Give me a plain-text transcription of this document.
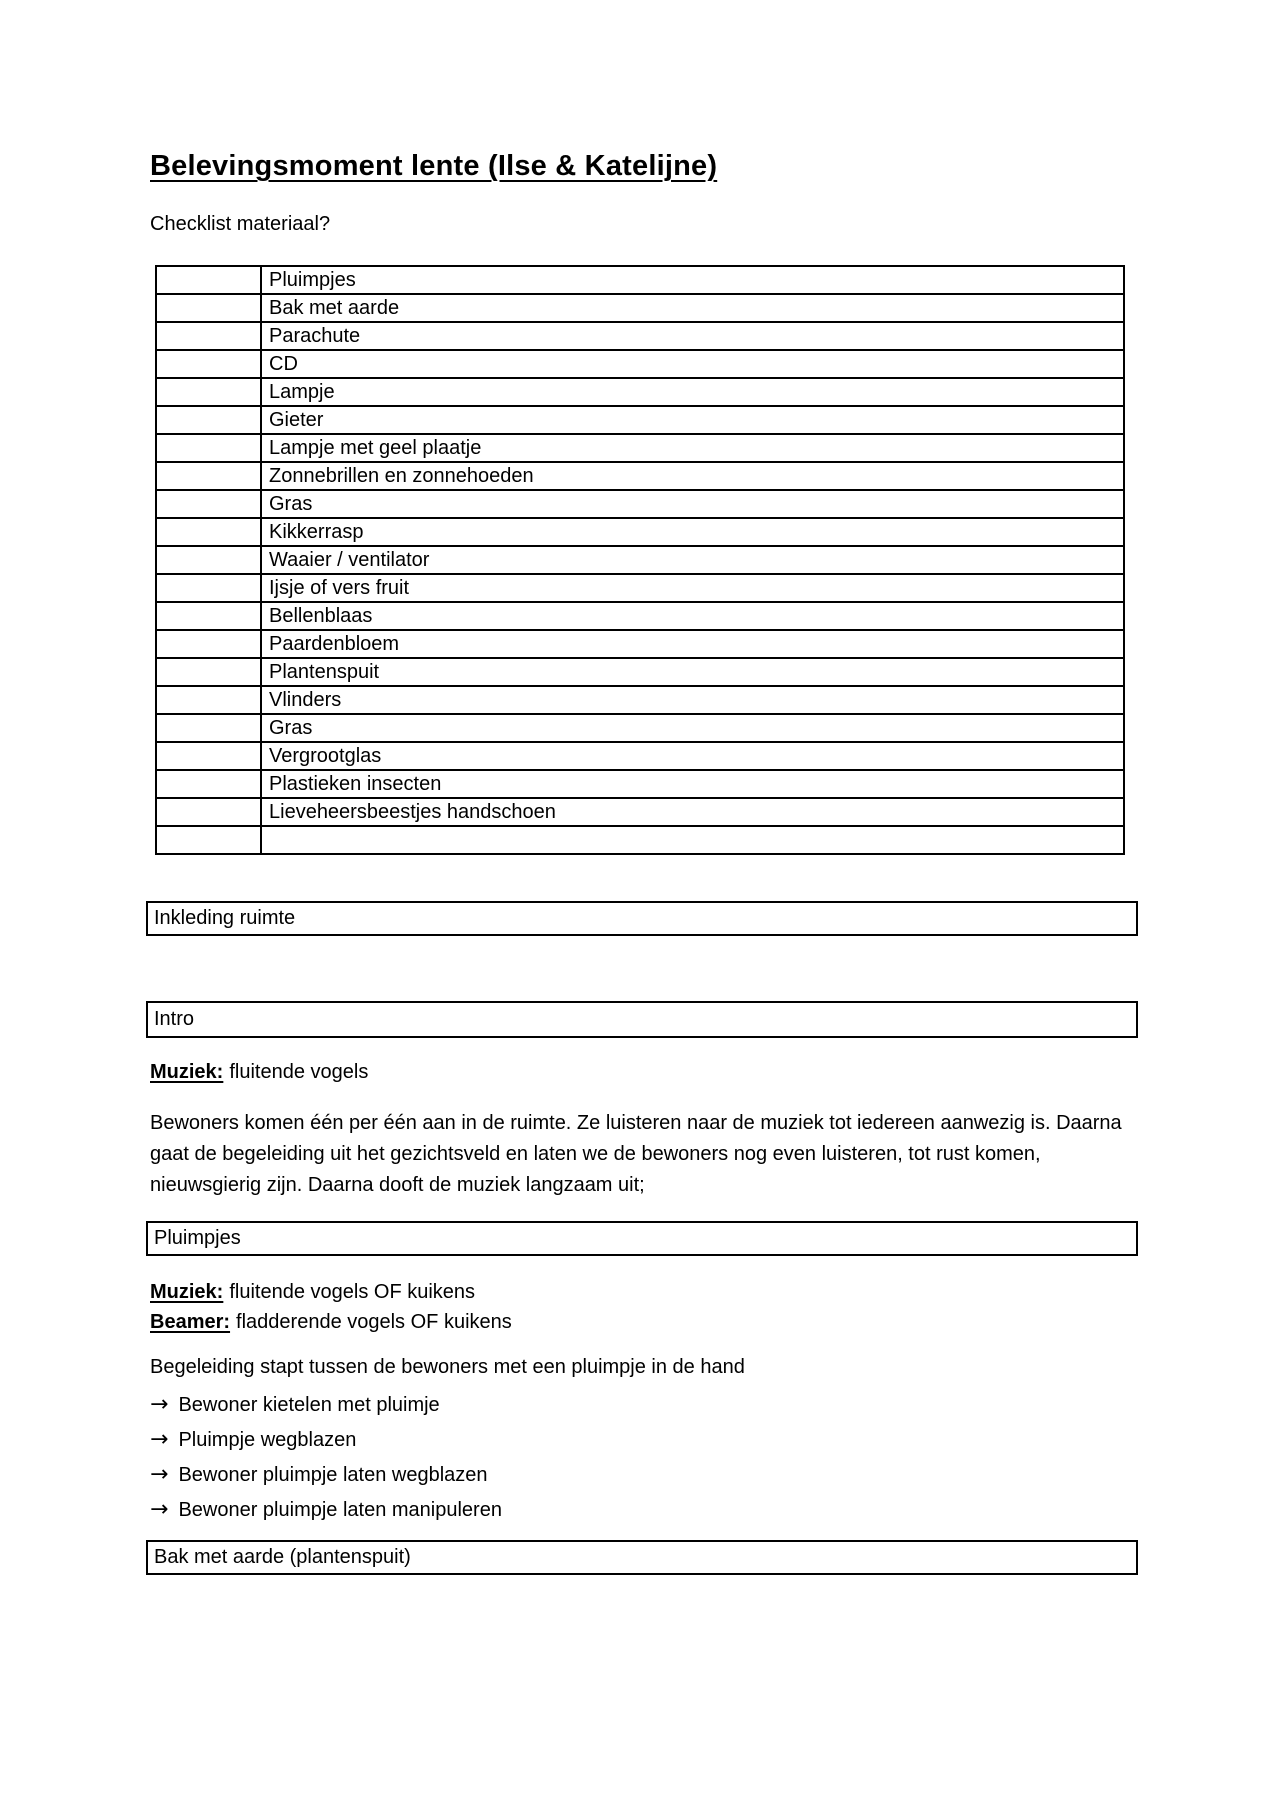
Belevingsmoment lente (Ilse & Katelijne)

Checklist materiaal?

	Pluimpjes
	Bak met aarde
	Parachute
	CD
	Lampje
	Gieter
	Lampje met geel plaatje
	Zonnebrillen en zonnehoeden
	Gras
	Kikkerrasp
	Waaier / ventilator
	Ijsje of vers fruit
	Bellenblaas
	Paardenbloem
	Plantenspuit
	Vlinders
	Gras
	Vergrootglas
	Plastieken insecten
	Lieveheersbeestjes handschoen

Inkleding ruimte
Intro

Muziek: fluitende vogels

Bewoners komen één per één aan in de ruimte. Ze luisteren naar de muziek tot iedereen aanwezig is. Daarna gaat de begeleiding uit het gezichtsveld en laten we de bewoners nog even luisteren, tot rust komen, nieuwsgierig zijn. Daarna dooft de muziek langzaam uit;

Pluimpjes
Muziek: fluitende vogels OF kuikens
Beamer: fladderende vogels OF kuikens

Begeleiding stapt tussen de bewoners met een pluimpje in de hand

→ Bewoner kietelen met pluimje
→ Pluimpje wegblazen
→ Bewoner pluimpje laten wegblazen
→ Bewoner pluimpje laten manipuleren
Bak met aarde (plantenspuit)
